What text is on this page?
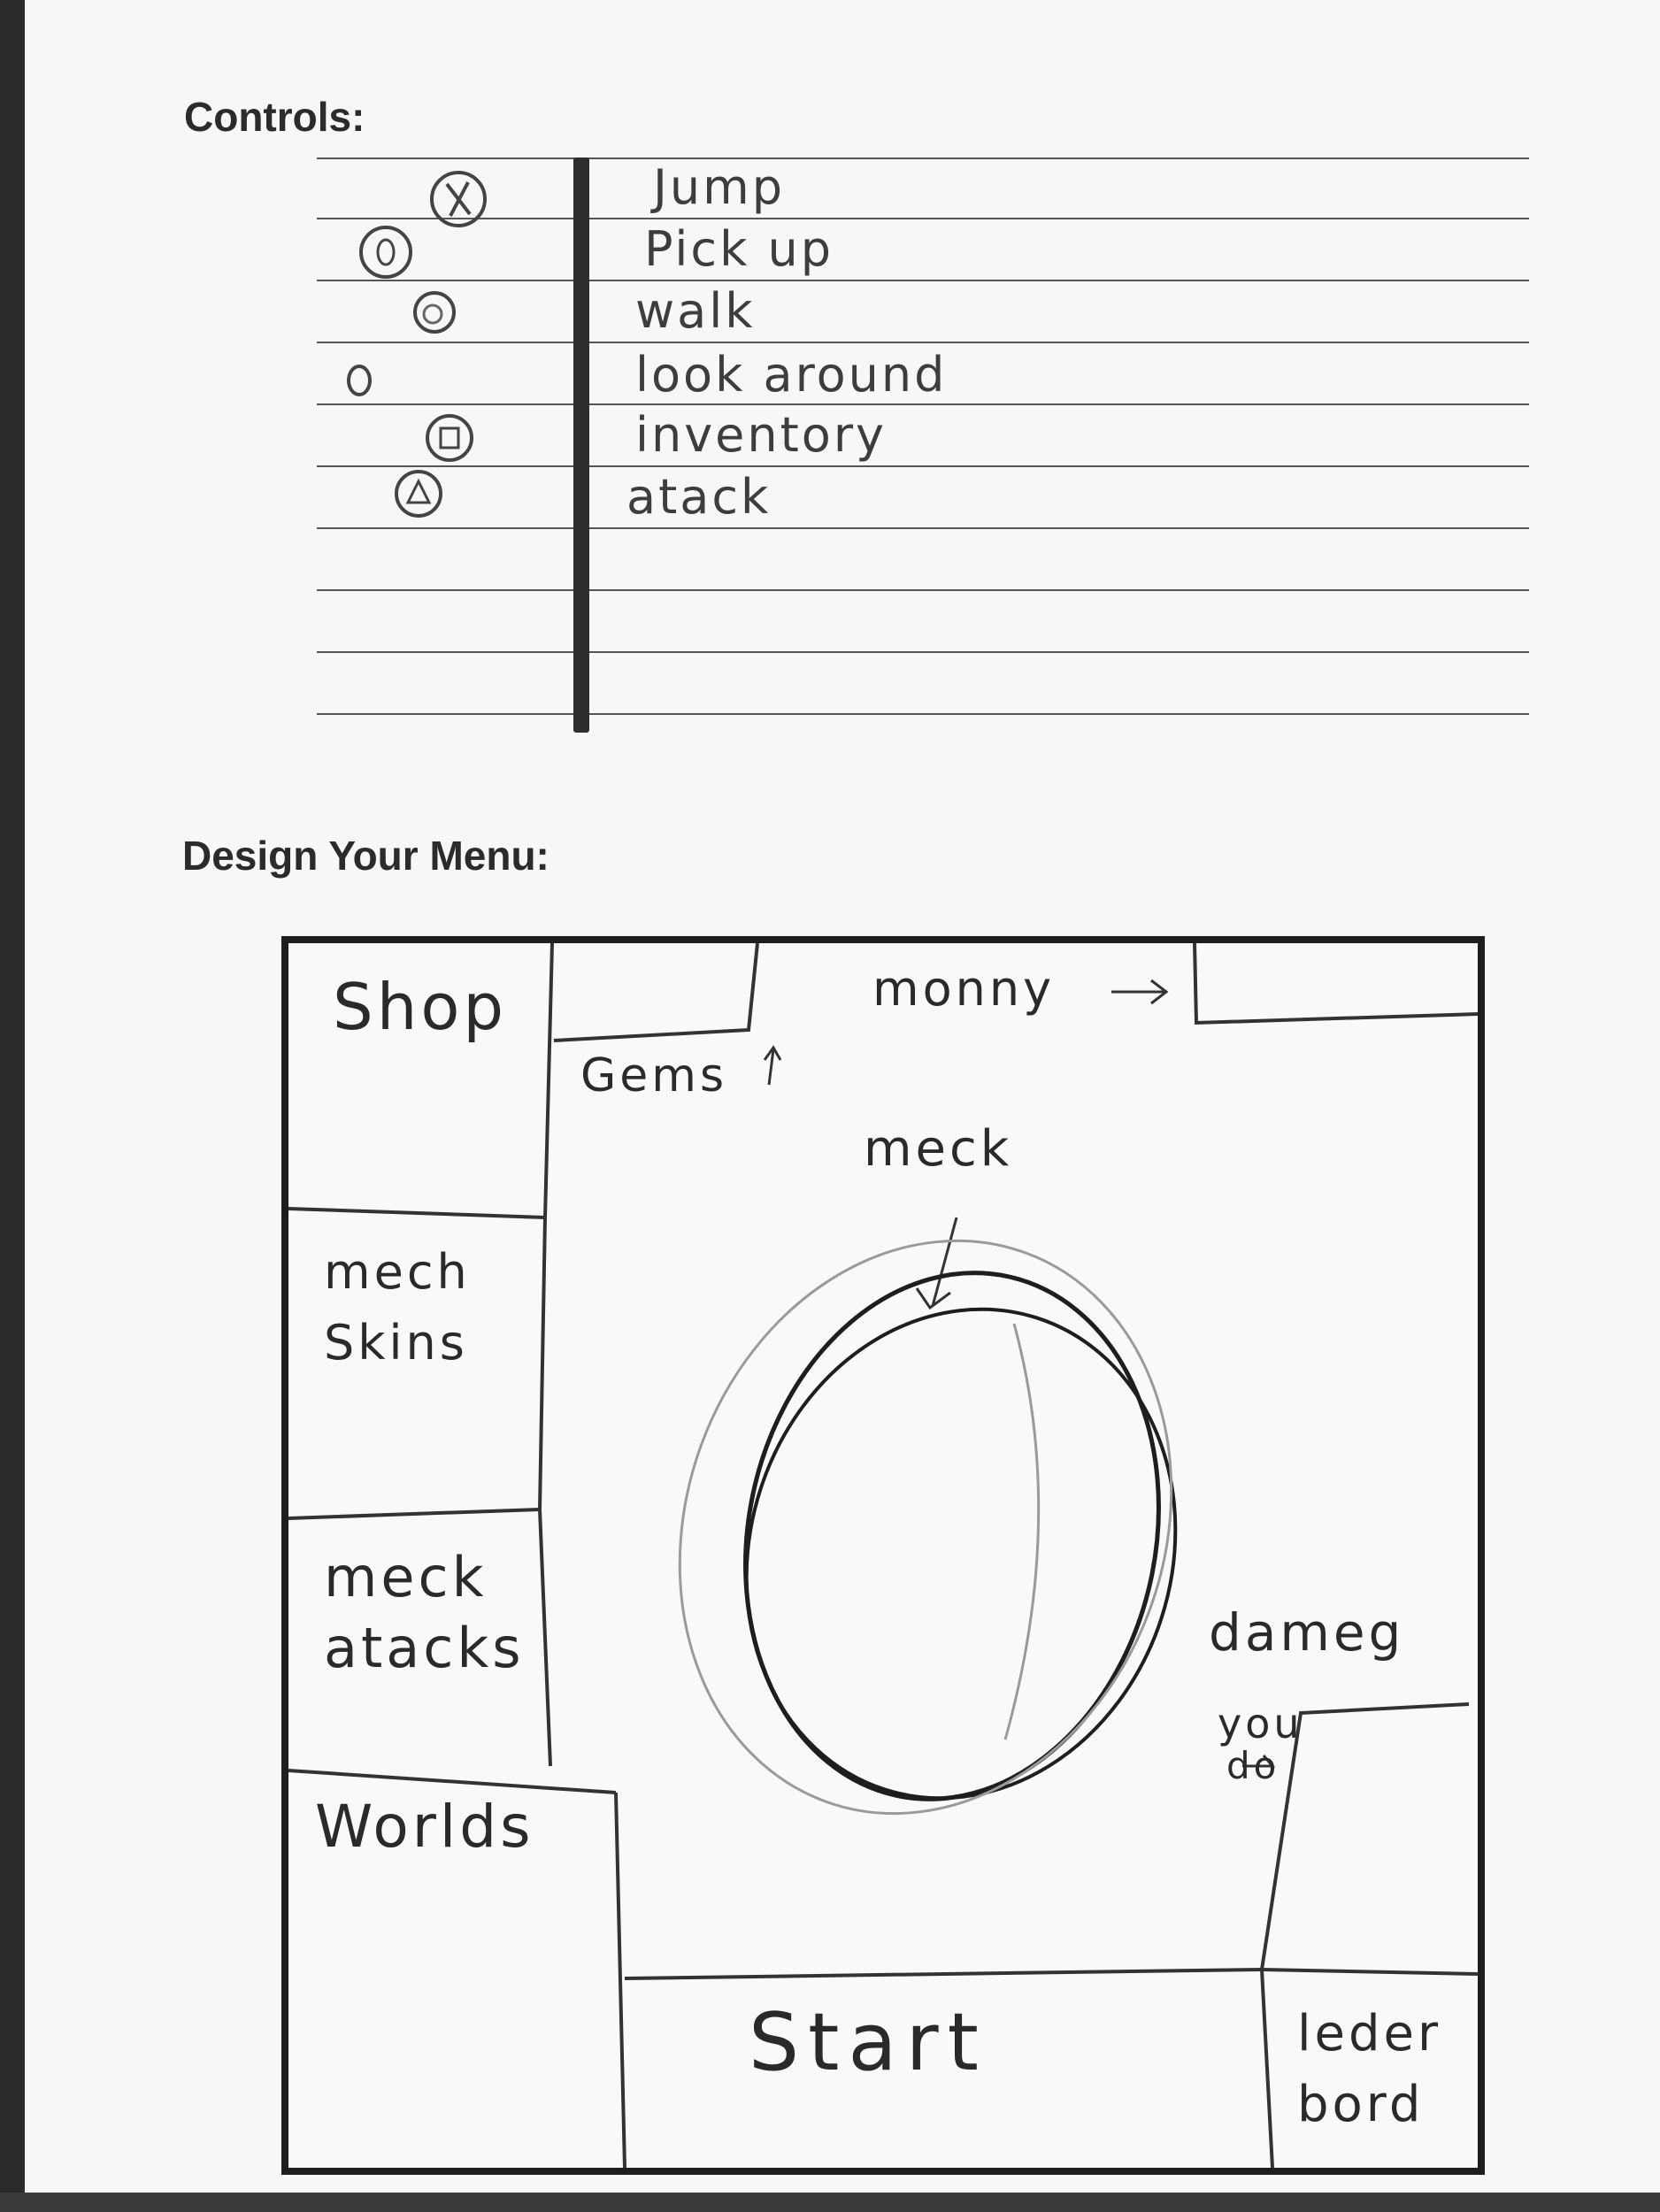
Controls:
Jump
Pick up
walk
look around
inventory
atack
Design Your Menu:
Shop
Gems
monny
meck
mech
Skins
meck
atacks
Worlds
dameg
you
do
Start	leder
bord
